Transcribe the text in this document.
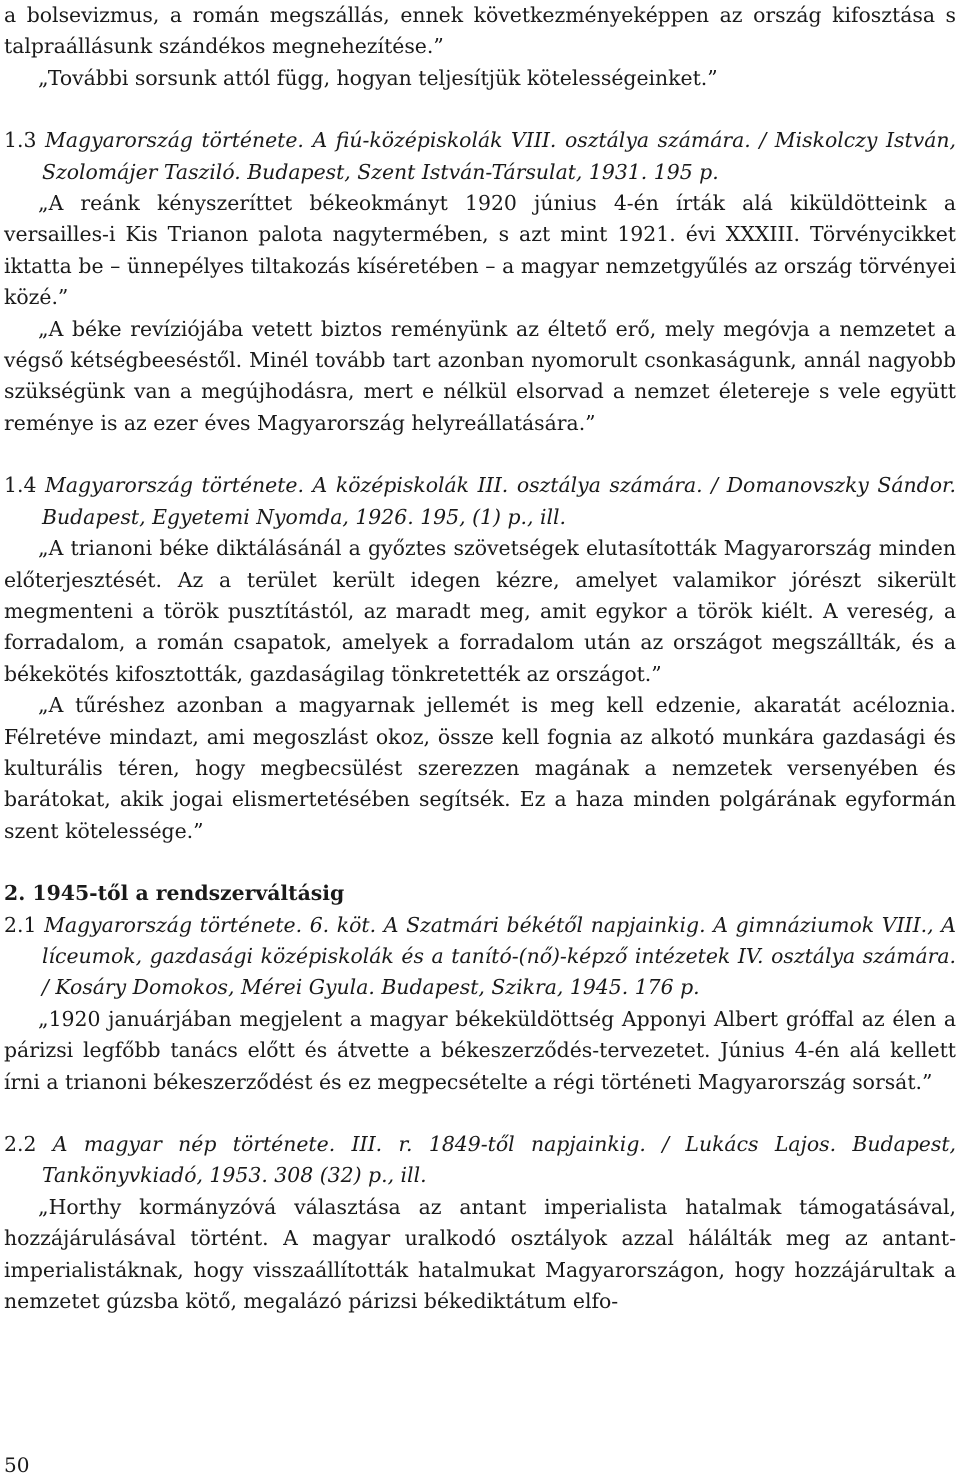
a bolsevizmus, a román megszállás, ennek következményeképpen az ország kifosztása s talpraállásunk szándékos megnehezítése.”

„További sorsunk attól függ, hogyan teljesítjük kötelességeinket.”

1.3 Magyarország története. A fiú-középiskolák VIII. osztálya számára. / Miskolczy István, Szolomájer Tasziló. Budapest, Szent István-Társulat, 1931. 195 p.

„A reánk kényszeríttet békeokmányt 1920 június 4-én írták alá kiküldötteink a versailles-i Kis Trianon palota nagytermében, s azt mint 1921. évi XXXIII. Törvénycikket iktatta be – ünnepélyes tiltakozás kíséretében – a magyar nemzetgyűlés az ország törvényei közé.”

„A béke revíziójába vetett biztos reményünk az éltető erő, mely megóvja a nemzetet a végső kétségbeeséstől. Minél tovább tart azonban nyomorult csonkaságunk, annál nagyobb szükségünk van a megújhodásra, mert e nélkül elsorvad a nemzet életereje s vele együtt reménye is az ezer éves Magyarország helyreállatására.”

1.4 Magyarország története. A középiskolák III. osztálya számára. / Domanovszky Sándor. Budapest, Egyetemi Nyomda, 1926. 195, (1) p., ill.

„A trianoni béke diktálásánál a győztes szövetségek elutasították Magyarország minden előterjesztését. Az a terület került idegen kézre, amelyet valamikor jórészt sikerült megmenteni a török pusztítástól, az maradt meg, amit egykor a török kiélt. A vereség, a forradalom, a román csapatok, amelyek a forradalom után az országot megszállták, és a békekötés kifosztották, gazdaságilag tönkretették az országot.”

„A tűréshez azonban a magyarnak jellemét is meg kell edzenie, akaratát acéloznia. Félretéve mindazt, ami megoszlást okoz, össze kell fognia az alkotó munkára gazdasági és kulturális téren, hogy megbecsülést szerezzen magának a nemzetek versenyében és barátokat, akik jogai elismertetésében segítsék. Ez a haza minden polgárának egyformán szent kötelessége.”

2. 1945-től a rendszerváltásig

2.1 Magyarország története. 6. köt. A Szatmári békétől napjainkig. A gimnáziumok VIII., A líceumok, gazdasági középiskolák és a tanító-(nő)-képző intézetek IV. osztálya számára. / Kosáry Domokos, Mérei Gyula. Budapest, Szikra, 1945. 176 p.

„1920 januárjában megjelent a magyar békeküldöttség Apponyi Albert gróffal az élen a párizsi legfőbb tanács előtt és átvette a békeszerződés-tervezetet. Június 4-én alá kellett írni a trianoni békeszerződést és ez megpecsételte a régi történeti Magyarország sorsát.”

2.2 A magyar nép története. III. r. 1849-től napjainkig. / Lukács Lajos. Budapest, Tankönyvkiadó, 1953. 308 (32) p., ill.

„Horthy kormányzóvá választása az antant imperialista hatalmak támogatásával, hozzájárulásával történt. A magyar uralkodó osztályok azzal hálálták meg az antant-imperialistáknak, hogy visszaállították hatalmukat Magyarországon, hogy hozzájárultak a nemzetet gúzsba kötő, megalázó párizsi békediktátum elfo-

50
